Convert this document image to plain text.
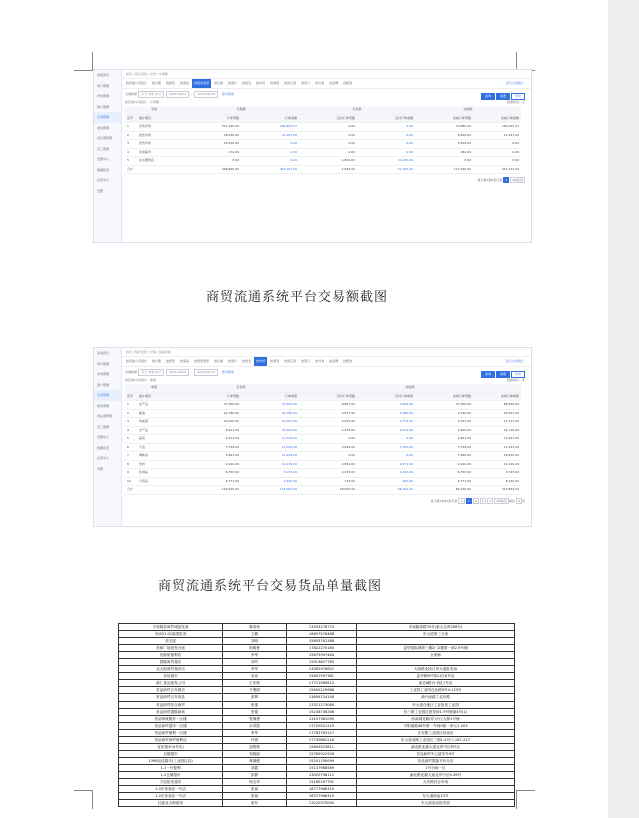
系统首页
用户管理
市场管理
商户管理
交易管理
财务管理
供应商管理
员工管理
设置中心
数据报表
运营中心
设置
首页 / 统计报表 / 交易 / 交易额
按营销公司统计 按日期 按经营 按商品 按经营类型 按区域 按商户 按批发 按市场 按类别 按供应商 按部门 按交易 按品牌 按配送	显示交易统计
交易时间 今天 本周 本月	2023-06-01 - 2023-06-30 更多筛选	查询	重置	导出
按区域/交易统计 - 交易额	数据单位：元
交易		交易额		应付款		实收款	
序号	统计项目	订单笔数	订单金额	应付订单笔数	应付订单金额	实收订单笔数	实收订单金额
1	零售市场	513,195.00	280,453.37	0.00	0.00	70,880.00	280,453.37
2	批发市场	38,620.00	21,187.00	0.00	0.00	8,620.00	21,187.00
3	农贸市场	15,816.00	0.00	0.00	0.00	1,856.00	0.00
4	连锁超市	174.00	0.00	0.00	0.00	284.00	0.00
5	社区便利店	0.00	0.00	1,820.00	21,025.00	0.00	0.00
合计		408,895.00	414,152.00	1,820.00	21,025.00	117,000.00	414,152.00
显示第1到5条记录 1 10条/页
商贸流通系统平台交易额截图
系统首页
用户管理
市场管理
商户管理
交易管理
财务管理
供应商管理
员工管理
设置中心
数据报表
运营中心
设置
首页 / 统计报表 / 交易 / 货品单量
按营销公司统计 按日期 按经营 按商品 按经营类型 按区域 按商户 按批发 按市场 按类别 按供应商 按部门 按交易 按品牌 按配送	显示交易统计
交易时间 今天 本周 本月	2023-06-01 - 2023-06-30 更多筛选	查询	重置	导出
按区域/交易统计 - 单量	数据单位：件
单量		应付款		实收款			
序号	统计项目	订单笔数	订单单量	应付订单笔数	应付订单单量	实收订单笔数	实收订单单量
1	农产品	37,950.00	37,950.00	8,807.00	7,890.00	37,950.00	88,956.00
2	粮油	22,780.00	22,780.00	3,877.00	2,380.00	2,930.00	44,557.00
3	肉禽蛋	20,020.00	12,001.00	2,055.00	1,772.00	2,624.00	41,117.00
4	水产品	8,911.00	31,003.00	2,878.00	4,079.00	2,620.00	42,716.00
5	蔬菜	4,613.00	11,324.00	0.00	0.00	2,851.00	71,697.00
6	干货	7,749.00	11,500.00	3,644.00	3,700.00	7,749.00	11,253.00
7	调味品	4,891.00	11,444.00	0.00	0.00	7,890.00	19,815.00
8	饮料	2,010.00	10,170.00	4,854.00	4,571.00	2,010.00	14,100.00
9	乳制品	6,750.00	3,157.00	2,155.00	1,340.00	6,750.00	3,743.00
10	日用品	4,771.00	3,490.00	734.00	460.00	4,771.00	8,220.00
合计		142,625.00	154,000.00	28,050.00	26,102.00	84,030.00	313,854.00
显示第1到10条记录 < 1 2 3 > 10条/页 前往 1 页
商贸流通系统平台交易货品单量截图
平和隆泰商贸城批发商	隆泰鱼	13333278770	市场隆泰路29号(新大仓库208号)
市场31-02蔬果批发	王鹏	18697578488	东大道第三分部
美宝屋	刘明	15893761288	
美和广场批发分场	阿明鲁	17822270180	昆华国际城第三期2门2楼第一套2-9号铺
优购屋便利店	李华	15675997484	全家铺
群隆商贸超市	刘玲	15913627785	
北大街商贸超市店	李军	13362976821	大西路北段口岸大道批发场
东站超市	吴泉	15607597381	昆华路8号第12区6号店
新仁食品批发公司	王东坡	17721589612	南仓8路(小食汇)号店
首品商贸五年超市	方俊明	15650129968	工业园工业园仓北路9号4-123号
首品商贸五年食品	张辉	13859724148	渝兴南湖工业东路
首品商贸综合商贸	张强	13321273080	东大道仓地区工业批发工业园
首品商贸超级商场	张德	15236736266	经三路工业园区批发场1-9号铺面4号(1)
首品物流服务一区楼	张静勇	13157381095	西南城北路(东)小区大厦1号铺
首品商贸超市一区楼	余青霞	17720521219	平阳南路48号第一车间0第一单元1-203
首品商贸便利一区楼	李华	17783763127	长安路工业园区站场店
首品商贸商贸便利店	许燕	17730862216	东大道北路工业园区三期1-4号门-187-227
宜佳超市(4号店)	邵程程	15604523611	渝北路北端大道北岸中区8号店
启德超市	邹晓丽	15782922926	首品商贸中心超市外4号
1398宜佳超市(工业园区店)	林德俊	15201790099	首品商贸果蔬平价分店
1.1一号便利	刘霞	15137988589	1号市场一区
1.2仓储超市	彭静	13020736112	渝北路北端大道北岸中区9-26号
方佳批发超市	杨宝华	15185297791	大东路综合市场
1.0宏伟食品一号店	张斌	18777966319	
1.0宏伟食品一号店	张斌	18727966319	东大道商品10号
红蔬北大街超市	梁东	13220375090	东大道食品批发部
